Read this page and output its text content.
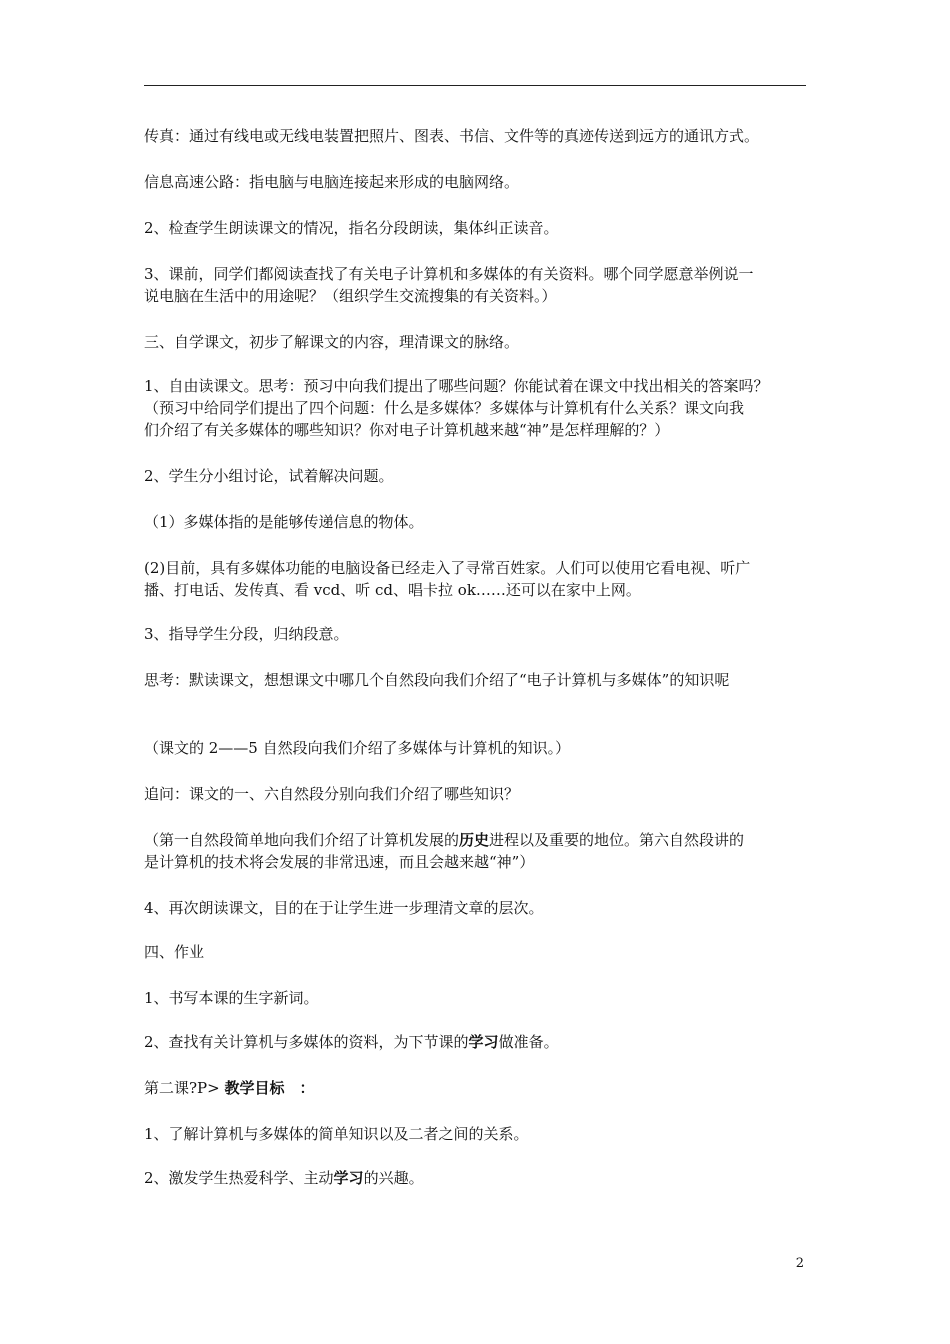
传真：通过有线电或无线电装置把照片、图表、书信、文件等的真迹传送到远方的通讯方式。

信息高速公路：指电脑与电脑连接起来形成的电脑网络。

2、检查学生朗读课文的情况，指名分段朗读，集体纠正读音。

3、课前，同学们都阅读查找了有关电子计算机和多媒体的有关资料。哪个同学愿意举例说一
说电脑在生活中的用途呢？（组织学生交流搜集的有关资料。）

三、自学课文，初步了解课文的内容，理清课文的脉络。

1、自由读课文。思考：预习中向我们提出了哪些问题？你能试着在课文中找出相关的答案吗？
（预习中给同学们提出了四个问题：什么是多媒体？多媒体与计算机有什么关系？课文向我
们介绍了有关多媒体的哪些知识？你对电子计算机越来越“神”是怎样理解的？）

2、学生分小组讨论，试着解决问题。

（1）多媒体指的是能够传递信息的物体。

(2)目前，具有多媒体功能的电脑设备已经走入了寻常百姓家。人们可以使用它看电视、听广
播、打电话、发传真、看 vcd、听 cd、唱卡拉 ok……还可以在家中上网。

3、指导学生分段，归纳段意。

思考：默读课文，想想课文中哪几个自然段向我们介绍了“电子计算机与多媒体”的知识呢

（课文的 2——5 自然段向我们介绍了多媒体与计算机的知识。）

追问：课文的一、六自然段分别向我们介绍了哪些知识？

（第一自然段简单地向我们介绍了计算机发展的历史进程以及重要的地位。第六自然段讲的
是计算机的技术将会发展的非常迅速，而且会越来越“神”）

4、再次朗读课文，目的在于让学生进一步理清文章的层次。

四、作业

1、书写本课的生字新词。

2、查找有关计算机与多媒体的资料，为下节课的学习做准备。

第二课?P> 教学目标　：

1、了解计算机与多媒体的简单知识以及二者之间的关系。

2、激发学生热爱科学、主动学习的兴趣。

2
